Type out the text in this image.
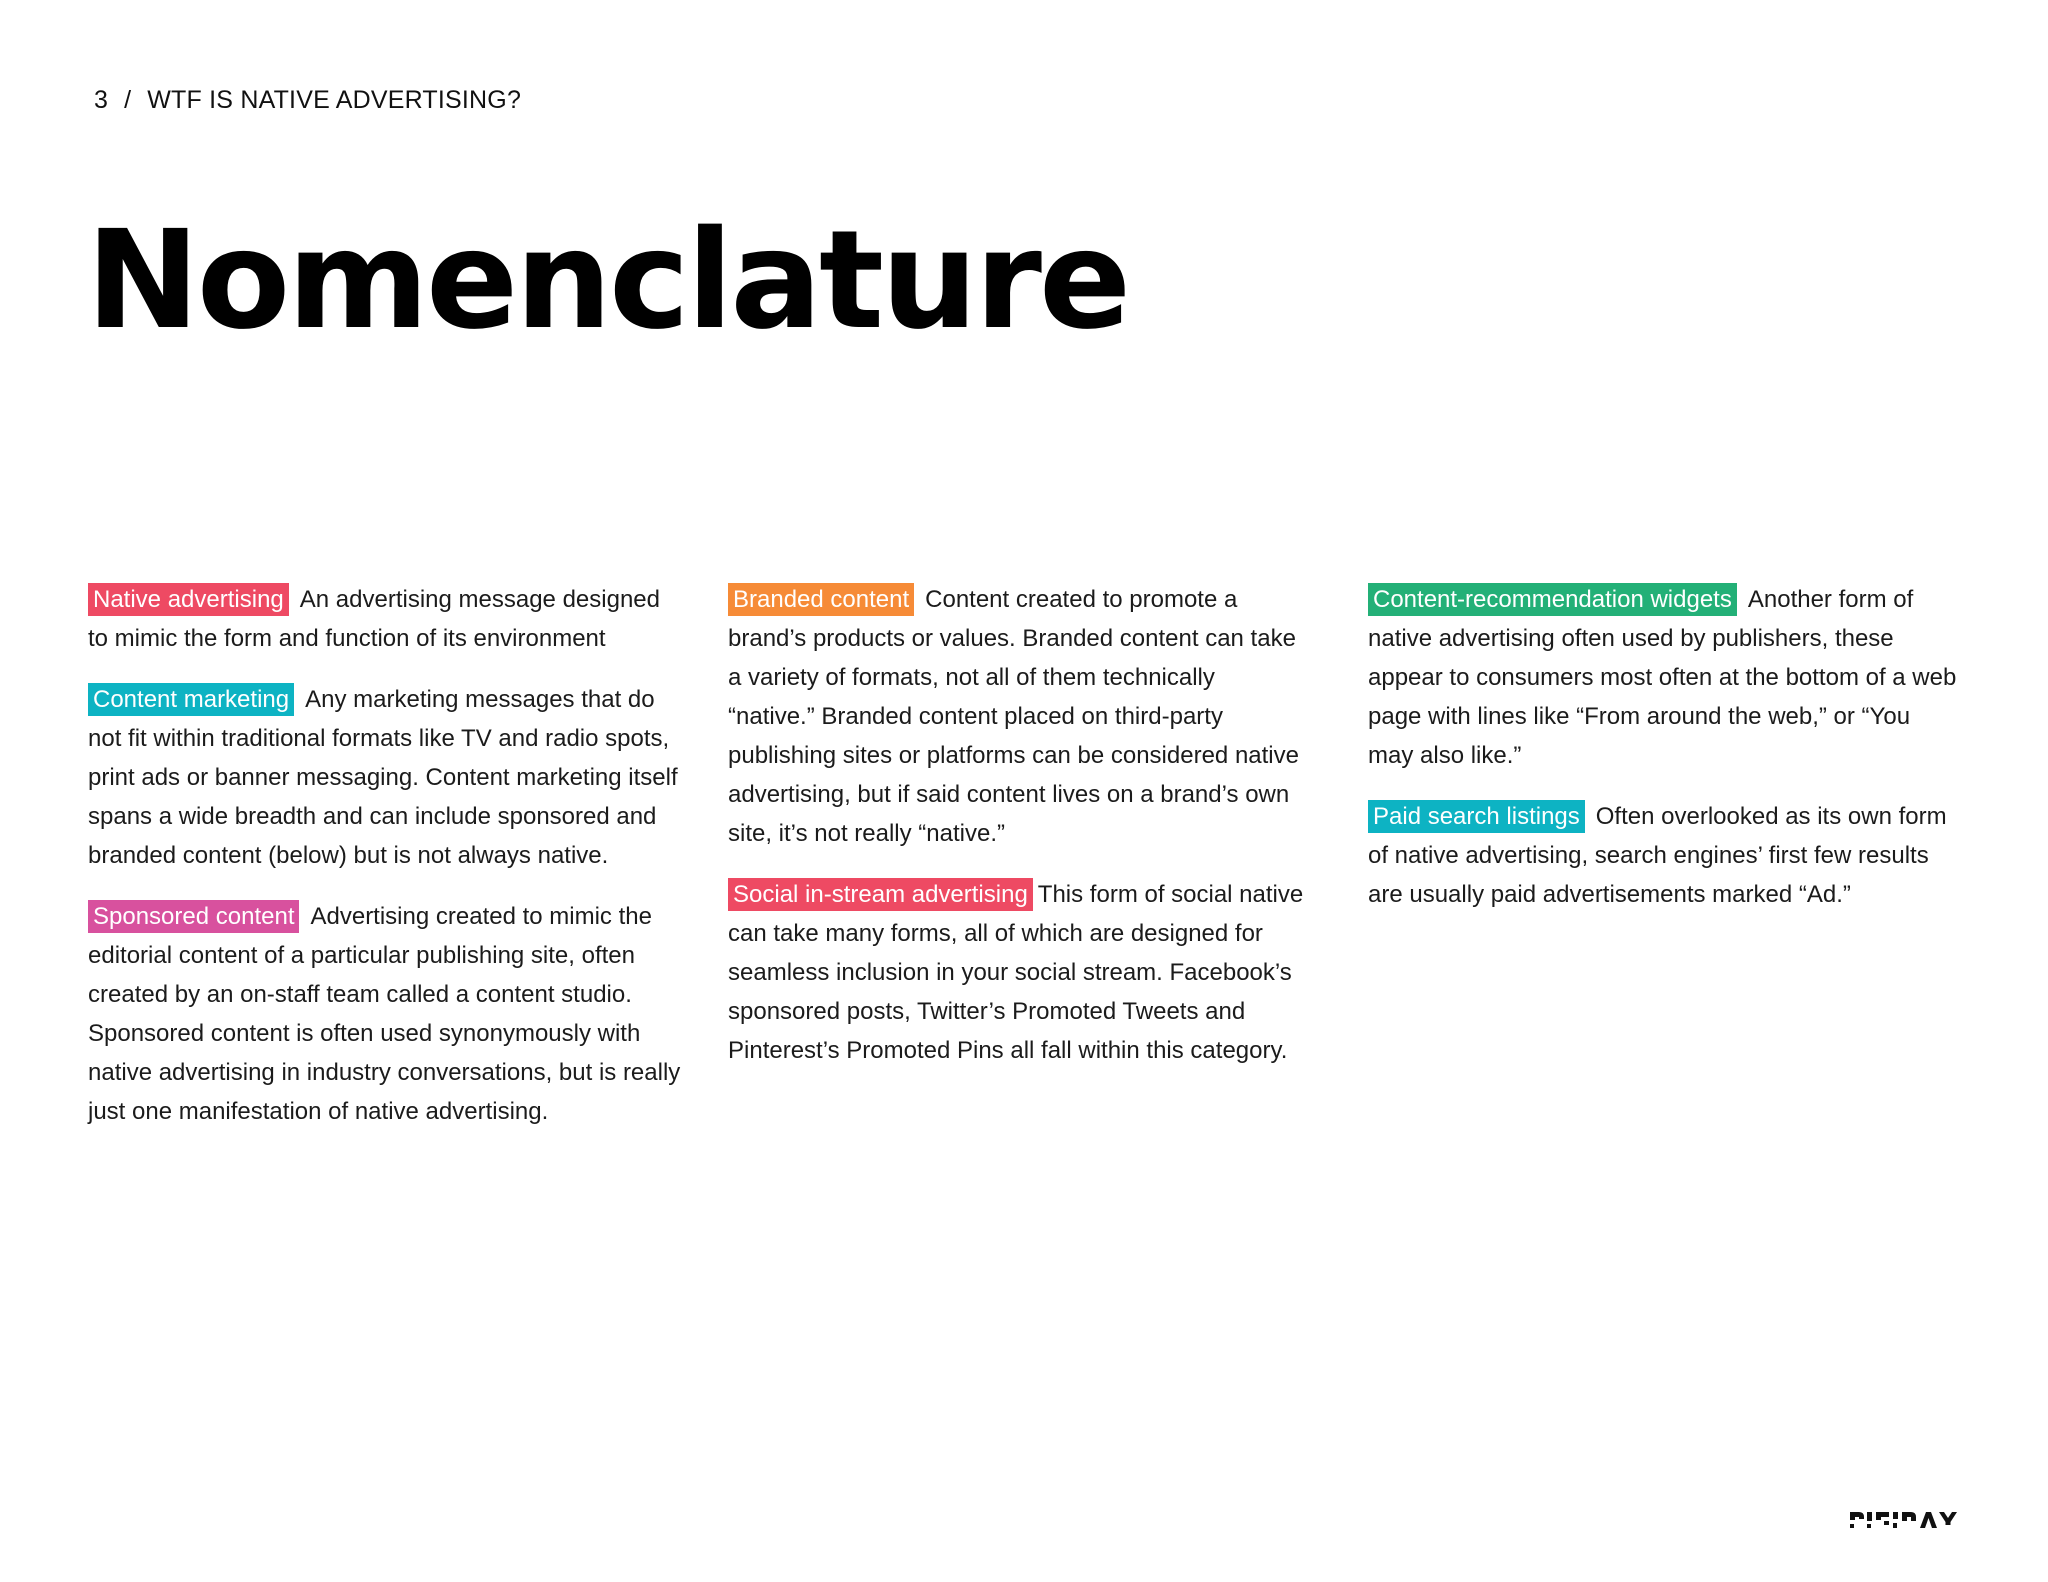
3 / WTF IS NATIVE ADVERTISING?
Nomenclature

Native advertising An advertising message designed to mimic the form and function of its environment

Content marketing Any marketing messages that do not fit within traditional formats like TV and radio spots, print ads or banner messaging. Content marketing itself spans a wide breadth and can include sponsored and branded content (below) but is not always native.

Sponsored content Advertising created to mimic the editorial content of a particular publishing site, often created by an on-staff team called a content studio. Sponsored content is often used synonymously with native advertising in industry conversations, but is really just one manifestation of native advertising.

Branded content Content created to promote a brand’s products or values. Branded content can take a variety of formats, not all of them technically “native.” Branded content placed on third-party publishing sites or platforms can be considered native advertising, but if said content lives on a brand’s own site, it’s not really “native.”

Social in-stream advertising This form of social native can take many forms, all of which are designed for seamless inclusion in your social stream. Facebook’s sponsored posts, Twitter’s Promoted Tweets and Pinterest’s Promoted Pins all fall within this category.

Content-recommendation widgets Another form of native advertising often used by publishers, these appear to consumers most often at the bottom of a web page with lines like “From around the web,” or “You may also like.”

Paid search listings Often overlooked as its own form of native advertising, search engines’ first few results are usually paid advertisements marked “Ad.”
